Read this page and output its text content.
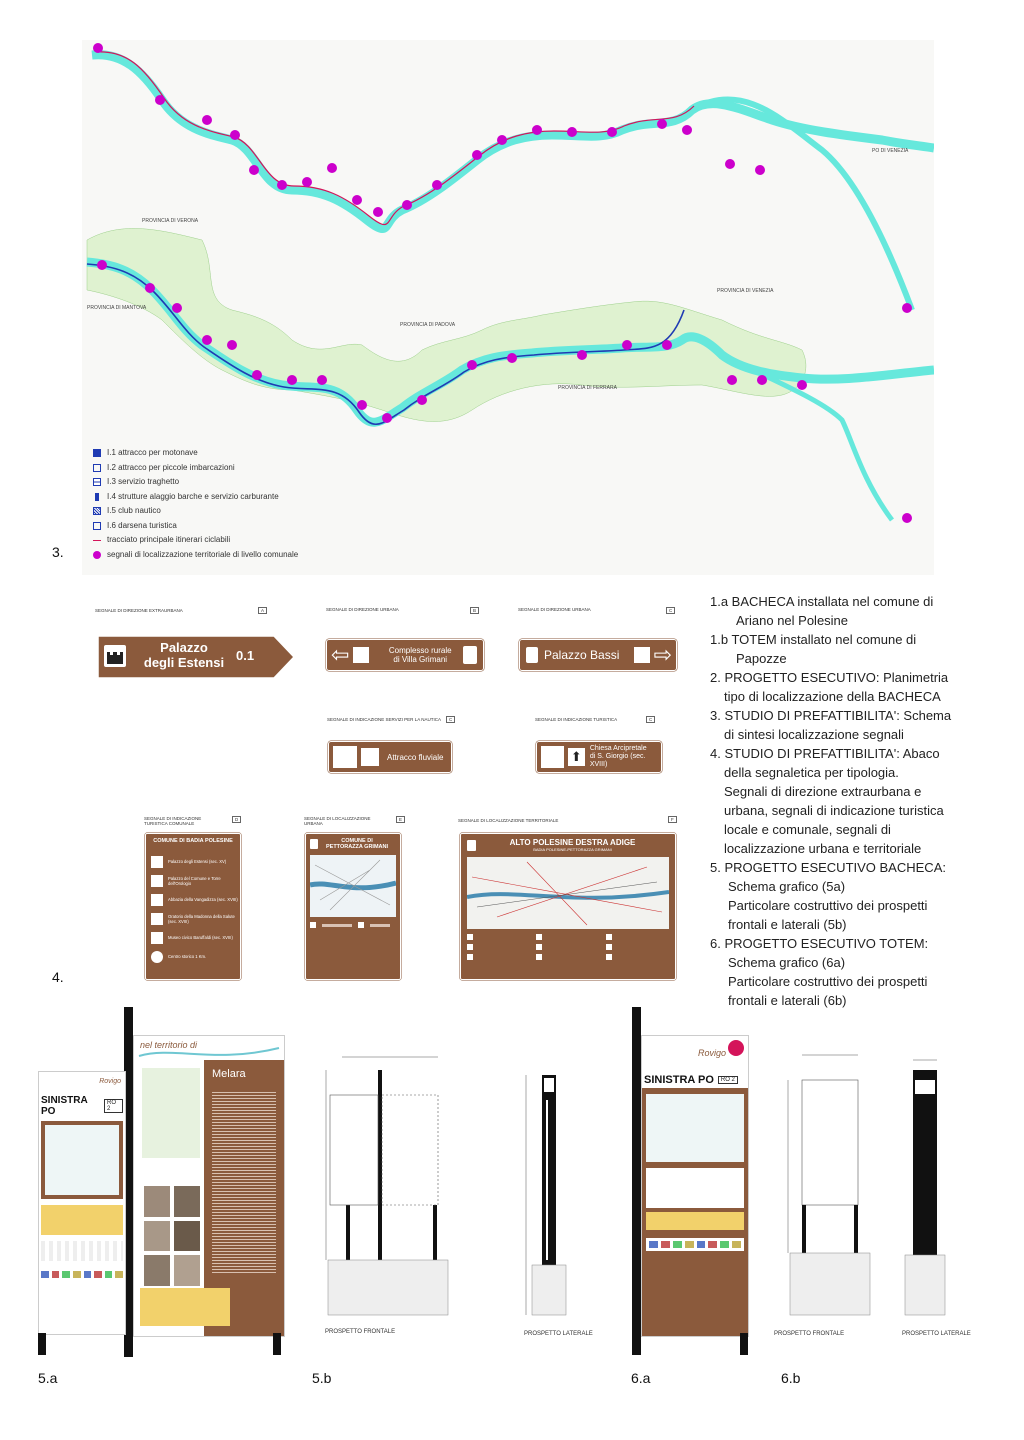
PROVINCIA DI VERONA
PROVINCIA DI MANTOVA
PROVINCIA DI PADOVA
PROVINCIA DI FERRARA
PROVINCIA DI VENEZIA
PO DI VENEZIA
I.1 attracco per motonave
I.2 attracco per piccole imbarcazioni
I.3 servizio traghetto
I.4 strutture alaggio barche e servizio carburante
I.5 club nautico
I.6 darsena turistica
tracciato principale itinerari ciclabili
segnali di localizzazione territoriale di livello comunale
3.
SEGNALE DI DIREZIONE EXTRAURBANA	A
Palazzo
degli Estensi 0.1
SEGNALE DI DIREZIONE URBANA	B
⇦	Complesso rurale
di Villa Grimani
SEGNALE DI DIREZIONE URBANA	C
Palazzo Bassi	⇨
SEGNALE DI INDICAZIONE SERVIZI PER LA NAUTICA	C
Attracco fluviale
SEGNALE DI INDICAZIONE TURISTICA	C
⬆
Chiesa Arcipretale
di S. Giorgio (sec. XVIII)
SEGNALE DI INDICAZIONE TURISTICA COMUNALE
D
COMUNE DI BADIA POLESINE
Palazzo degli Estensi (sec. XV)
Palazzo del Comune e Torre dell'Orologio
Abbazia della Vangadizza (sec. XVIII)
Oratorio della Madonna della Salute (sec. XVIII)
Museo civico Baruffaldi (sec. XVIII)
Centro storico 1 Km.
SEGNALE DI LOCALIZZAZIONE URBANA
E
COMUNE DI
PETTORAZZA GRIMANI
SEGNALE DI LOCALIZZAZIONE TERRITORIALE	F
ALTO POLESINE DESTRA ADIGE
BADIA POLESINE-PETTORAZZA GRIMANI
4.
1.a BACHECA installata nel comune di
Ariano nel Polesine
1.b TOTEM installato nel comune di
Papozze
2. PROGETTO ESECUTIVO: Planimetria
tipo di localizzazione della BACHECA
3. STUDIO DI PREFATTIBILITA': Schema
di sintesi localizzazione segnali
4. STUDIO DI PREFATTIBILITA': Abaco
della segnaletica per tipologia.
Segnali di direzione extraurbana e
urbana, segnali di indicazione turistica
locale e comunale, segnali di
localizzazione urbana e territoriale
5. PROGETTO ESECUTIVO BACHECA:
Schema grafico (5a)
Particolare costruttivo dei prospetti
frontali e laterali (5b)
6. PROGETTO ESECUTIVO TOTEM:
Schema grafico (6a)
Particolare costruttivo dei prospetti
frontali e laterali (6b)
Rovigo
SINISTRA PO
RO 2
nel territorio di
Melara
5.a
PROSPETTO FRONTALE	PROSPETTO LATERALE
5.b
Rovigo
SINISTRA PO	RO 2
6.a
PROSPETTO FRONTALE	PROSPETTO LATERALE
6.b
